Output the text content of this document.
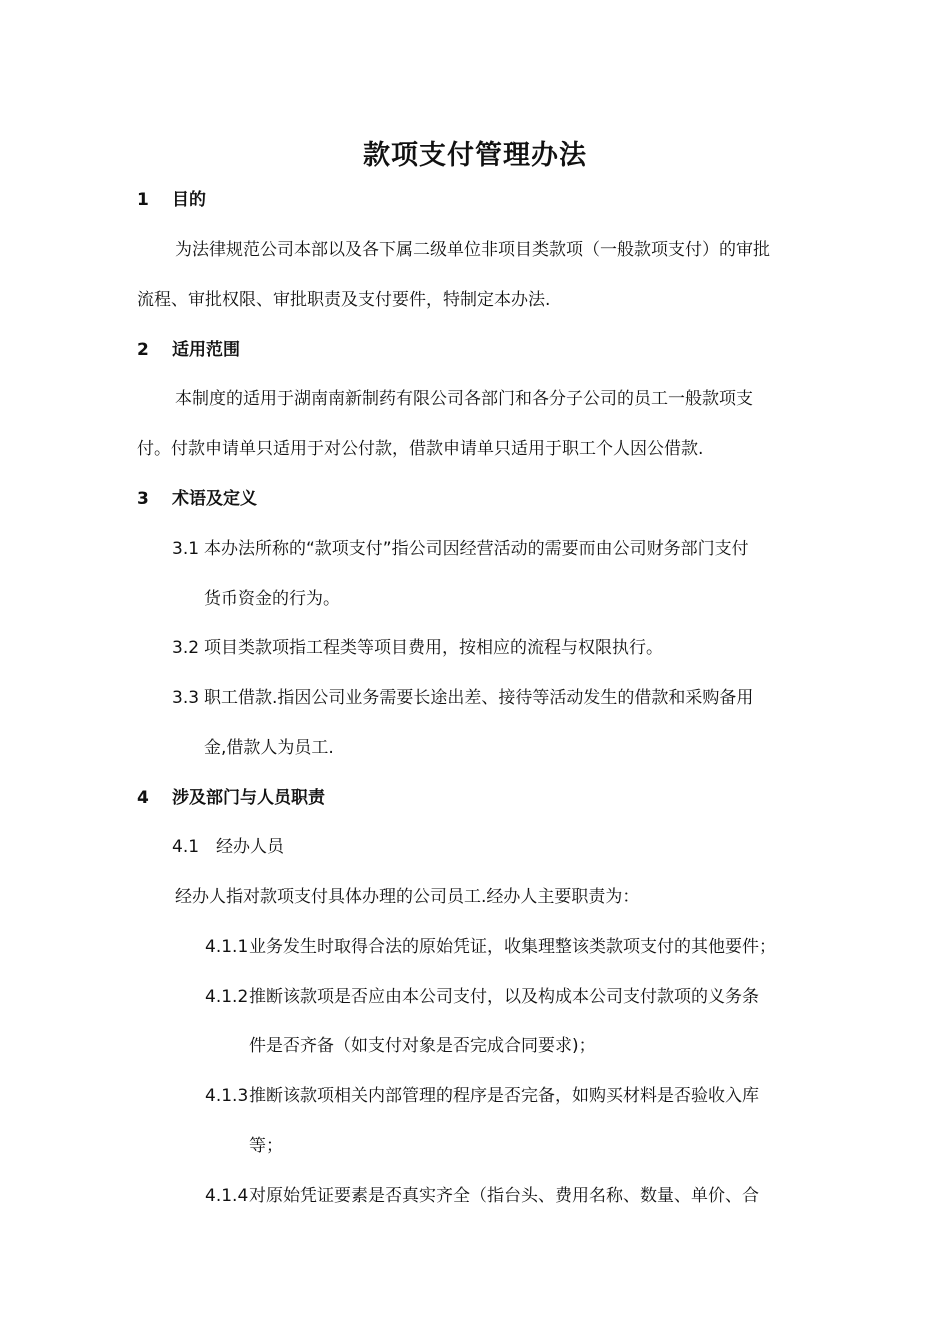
款项支付管理办法
1 目的
为法律规范公司本部以及各下属二级单位非项目类款项（一般款项支付）的审批
流程、审批权限、审批职责及支付要件，特制定本办法.
2 适用范围
本制度的适用于湖南南新制药有限公司各部门和各分子公司的员工一般款项支
付。付款申请单只适用于对公付款，借款申请单只适用于职工个人因公借款.
3 术语及定义
3.1 本办法所称的“款项支付”指公司因经营活动的需要而由公司财务部门支付
货币资金的行为。
3.2 项目类款项指工程类等项目费用，按相应的流程与权限执行。
3.3 职工借款.指因公司业务需要长途出差、接待等活动发生的借款和采购备用
金,借款人为员工.
4 涉及部门与人员职责
4.1 经办人员
经办人指对款项支付具体办理的公司员工.经办人主要职责为：
4.1.1 业务发生时取得合法的原始凭证，收集理整该类款项支付的其他要件；
4.1.2 推断该款项是否应由本公司支付，以及构成本公司支付款项的义务条
件是否齐备（如支付对象是否完成合同要求)；
4.1.3 推断该款项相关内部管理的程序是否完备，如购买材料是否验收入库
等；
4.1.4 对原始凭证要素是否真实齐全（指台头、费用名称、数量、单价、合
